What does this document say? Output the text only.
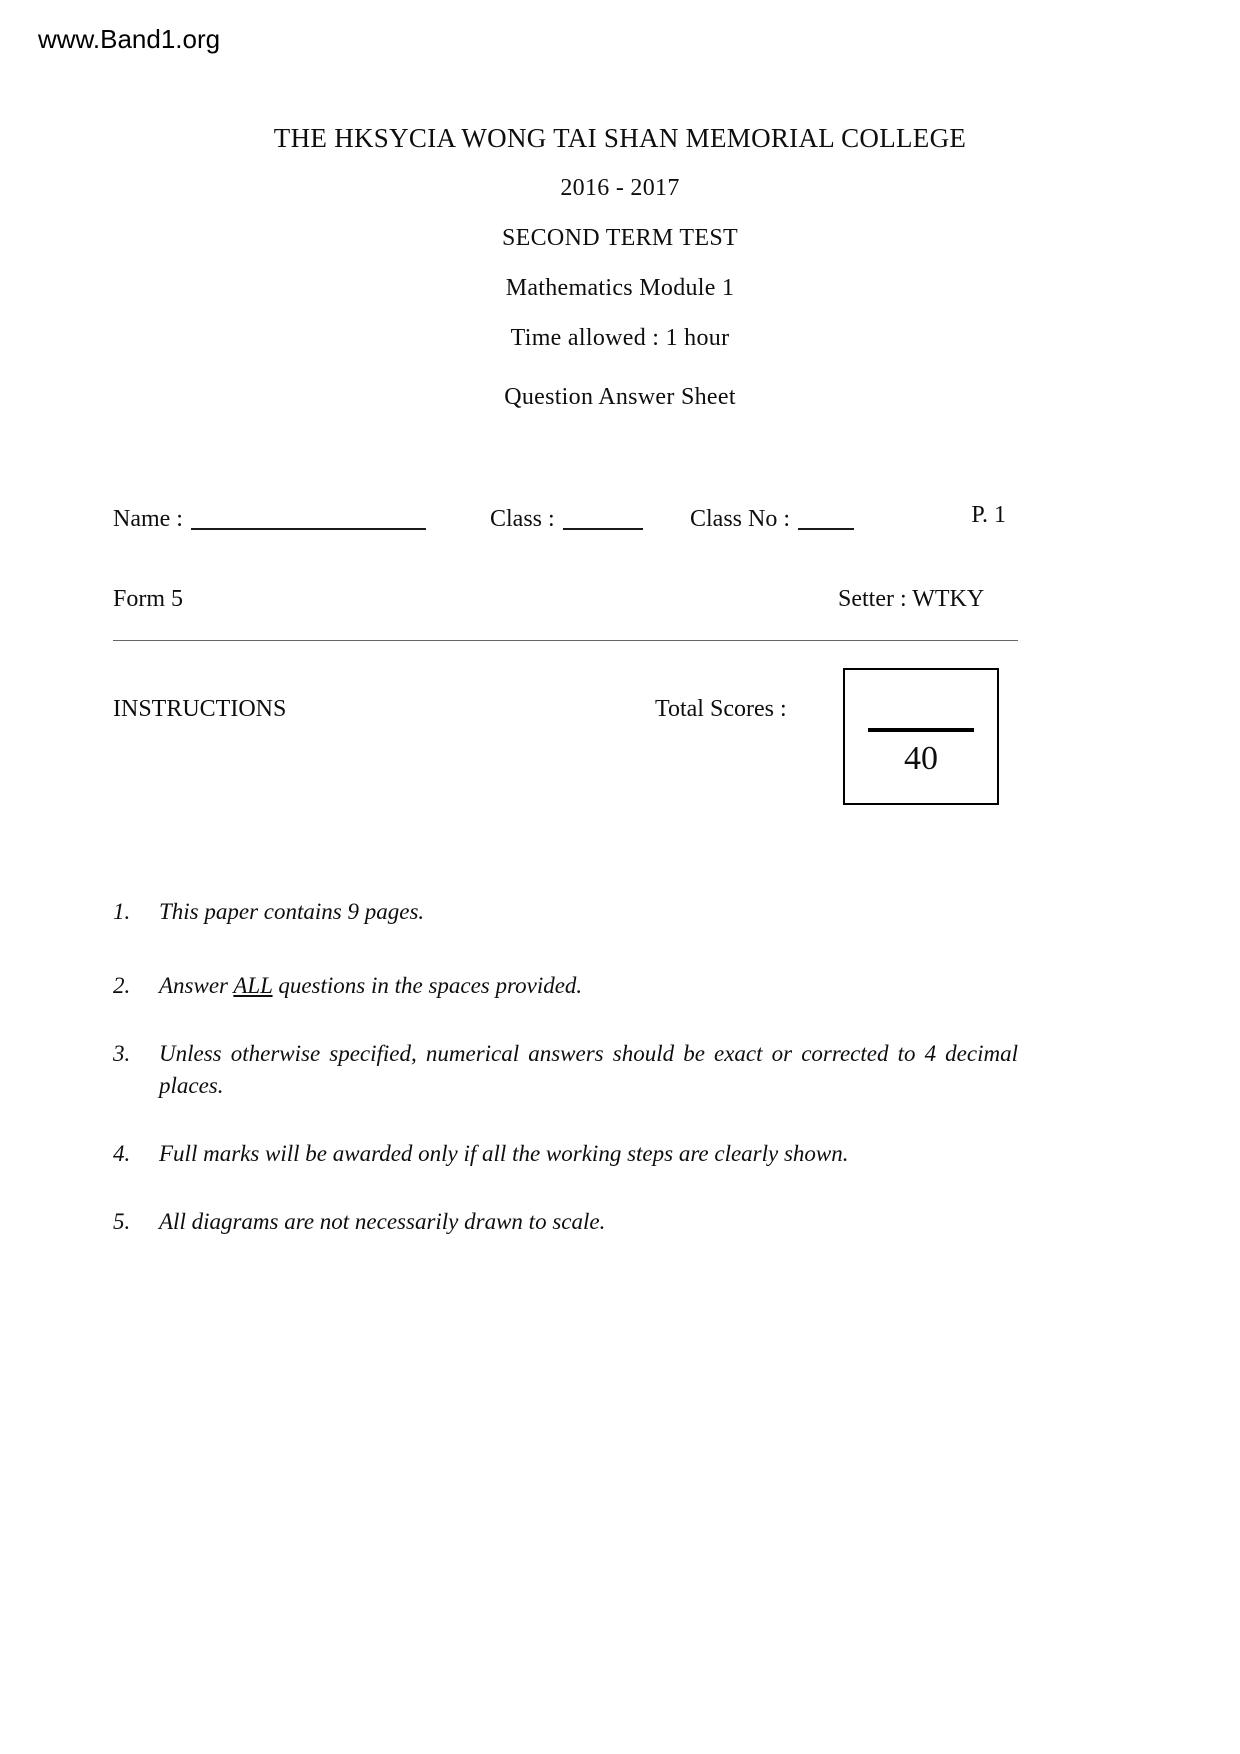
www.Band1.org
THE HKSYCIA WONG TAI SHAN MEMORIAL COLLEGE
2016 - 2017
SECOND TERM TEST
Mathematics Module 1
Time allowed : 1 hour
Question Answer Sheet
Name :	Class :	Class No :	P. 1
Form 5	Setter : WTKY
INSTRUCTIONS	Total Scores :
40
1.	This paper contains 9 pages.
2.	Answer ALL questions in the spaces provided.
3.	Unless otherwise specified, numerical answers should be exact or corrected to 4 decimal places.
4.	Full marks will be awarded only if all the working steps are clearly shown.
5.	All diagrams are not necessarily drawn to scale.
